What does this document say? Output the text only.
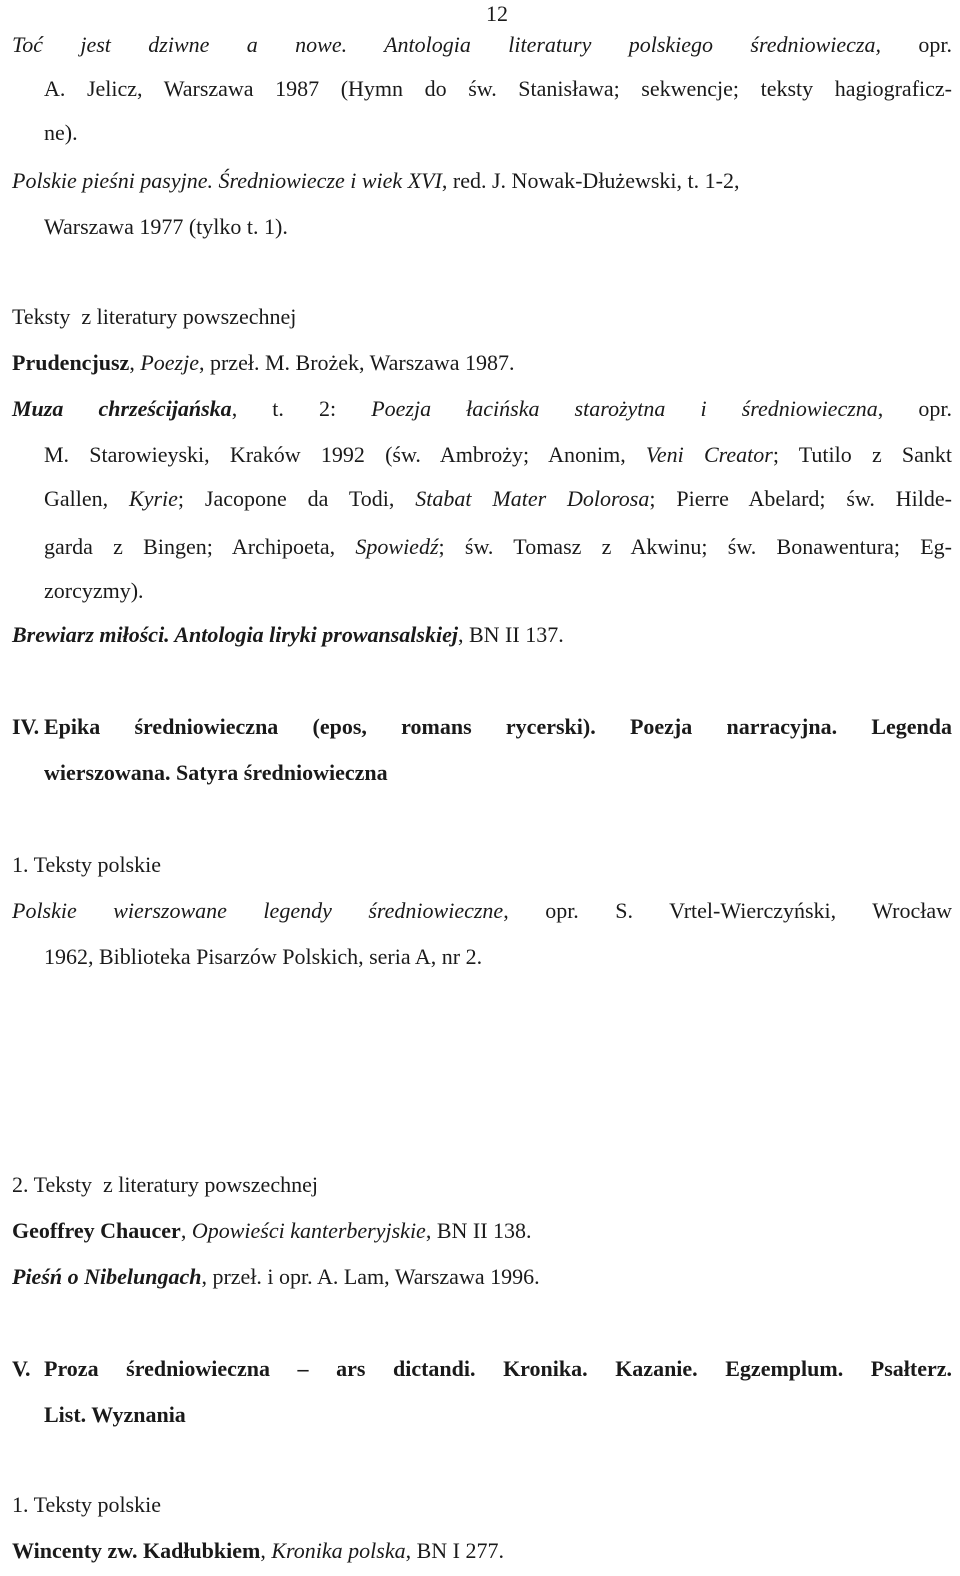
12
Toć jest dziwne a nowe. Antologia literatury polskiego średniowiecza, opr.
A. Jelicz, Warszawa 1987 (Hymn do św. Stanisława; sekwencje; teksty hagiograficz-
ne).
Polskie pieśni pasyjne. Średniowiecze i wiek XVI, red. J. Nowak-Dłużewski, t. 1-2,
Warszawa 1977 (tylko t. 1).
Teksty  z literatury powszechnej
Prudencjusz, Poezje, przeł. M. Brożek, Warszawa 1987.
Muza chrześcijańska, t. 2: Poezja łacińska starożytna i średniowieczna, opr.
M. Starowieyski, Kraków 1992 (św. Ambroży; Anonim, Veni Creator; Tutilo z Sankt
Gallen, Kyrie; Jacopone da Todi, Stabat Mater Dolorosa; Pierre Abelard; św. Hilde-
garda z Bingen; Archipoeta, Spowiedź; św. Tomasz z Akwinu; św. Bonawentura; Eg-
zorcyzmy).
Brewiarz miłości. Antologia liryki prowansalskiej, BN II 137.
IV. Epika średniowieczna (epos, romans rycerski). Poezja narracyjna. Legenda
wierszowana. Satyra średniowieczna
1. Teksty polskie
Polskie wierszowane legendy średniowieczne, opr. S. Vrtel-Wierczyński, Wrocław
1962, Biblioteka Pisarzów Polskich, seria A, nr 2.
2. Teksty  z literatury powszechnej
Geoffrey Chaucer, Opowieści kanterberyjskie, BN II 138.
Pieśń o Nibelungach, przeł. i opr. A. Lam, Warszawa 1996.
V. Proza średniowieczna – ars dictandi. Kronika. Kazanie. Egzemplum. Psałterz.
List. Wyznania
1. Teksty polskie
Wincenty zw. Kadłubkiem, Kronika polska, BN I 277.
